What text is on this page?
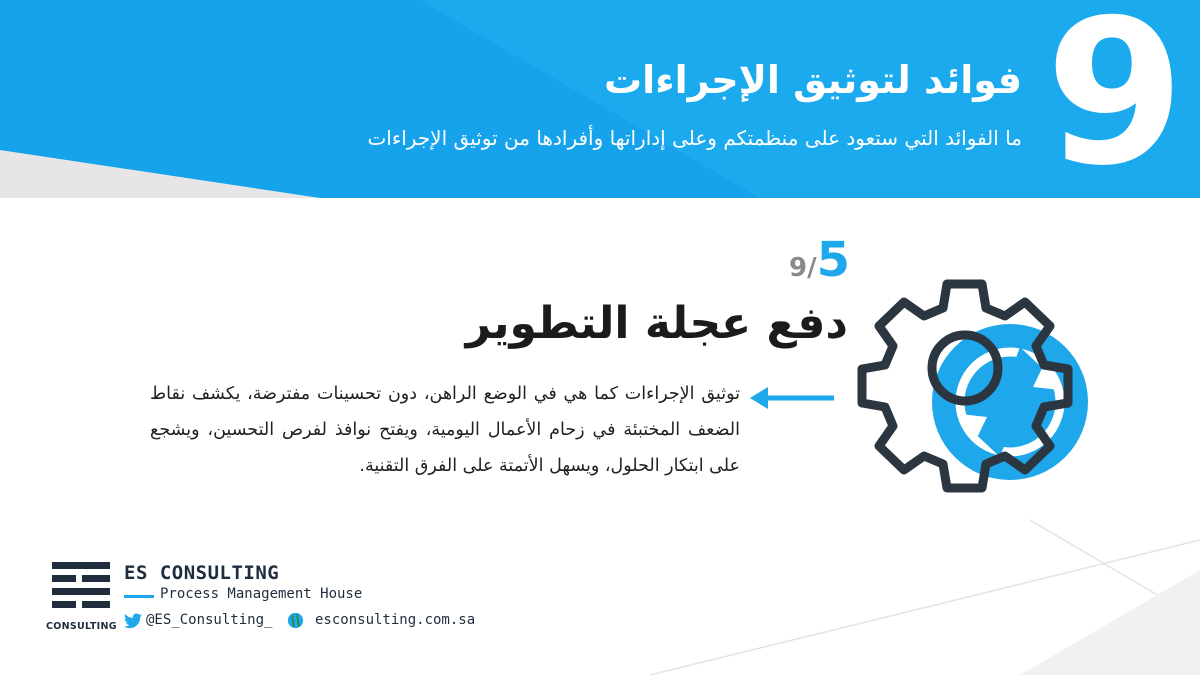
9
فوائد لتوثيق الإجراءات
ما الفوائد التي ستعود على منظمتكم وعلى إداراتها وأفرادها من توثيق الإجراءات
9/5
دفع عجلة التطوير
توثيق الإجراءات كما هي في الوضع الراهن، دون تحسينات مفترضة، يكشف نقاط الضعف المختبئة في زحام الأعمال اليومية، ويفتح نوافذ لفرص التحسين، ويشجع على ابتكار الحلول، ويسهل الأتمتة على الفرق التقنية.
CONSULTING
ES CONSULTING
Process Management House
@ES_Consulting_	esconsulting.com.sa
